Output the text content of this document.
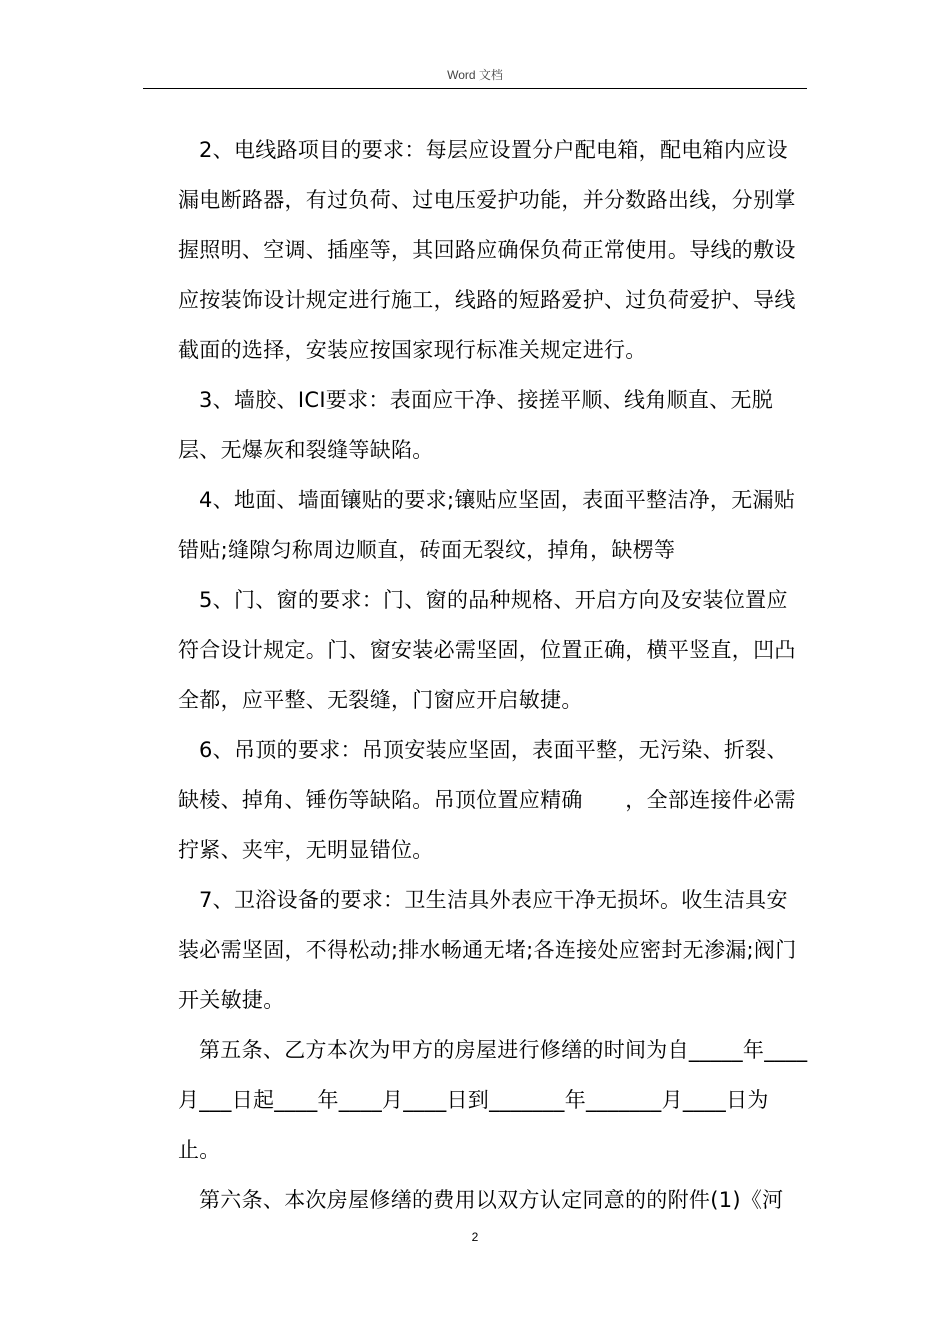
Word 文档

2、电线路项目的要求：每层应设置分户配电箱，配电箱内应设漏电断路器，有过负荷、过电压爱护功能，并分数路出线，分别掌握照明、空调、插座等，其回路应确保负荷正常使用。导线的敷设应按装饰设计规定进行施工，线路的短路爱护、过负荷爱护、导线截面的选择，安装应按国家现行标准关规定进行。

3、墙胶、ICI要求：表面应干净、接搓平顺、线角顺直、无脱层、无爆灰和裂缝等缺陷。

4、地面、墙面镶贴的要求;镶贴应坚固，表面平整洁净，无漏贴错贴;缝隙匀称周边顺直，砖面无裂纹，掉角，缺楞等

5、门、窗的要求：门、窗的品种规格、开启方向及安装位置应符合设计规定。门、窗安装必需坚固，位置正确，横平竖直，凹凸全都，应平整、无裂缝，门窗应开启敏捷。

6、吊顶的要求：吊顶安装应坚固，表面平整，无污染、折裂、缺棱、掉角、锤伤等缺陷。吊顶位置应精确　　，全部连接件必需拧紧、夹牢，无明显错位。

7、卫浴设备的要求：卫生洁具外表应干净无损坏。收生洁具安装必需坚固，不得松动;排水畅通无堵;各连接处应密封无渗漏;阀门开关敏捷。

第五条、乙方本次为甲方的房屋进行修缮的时间为自_____年____月___日起____年____月____日到_______年_______月____日为止。

第六条、本次房屋修缮的费用以双方认定同意的的附件(1)《河

2
